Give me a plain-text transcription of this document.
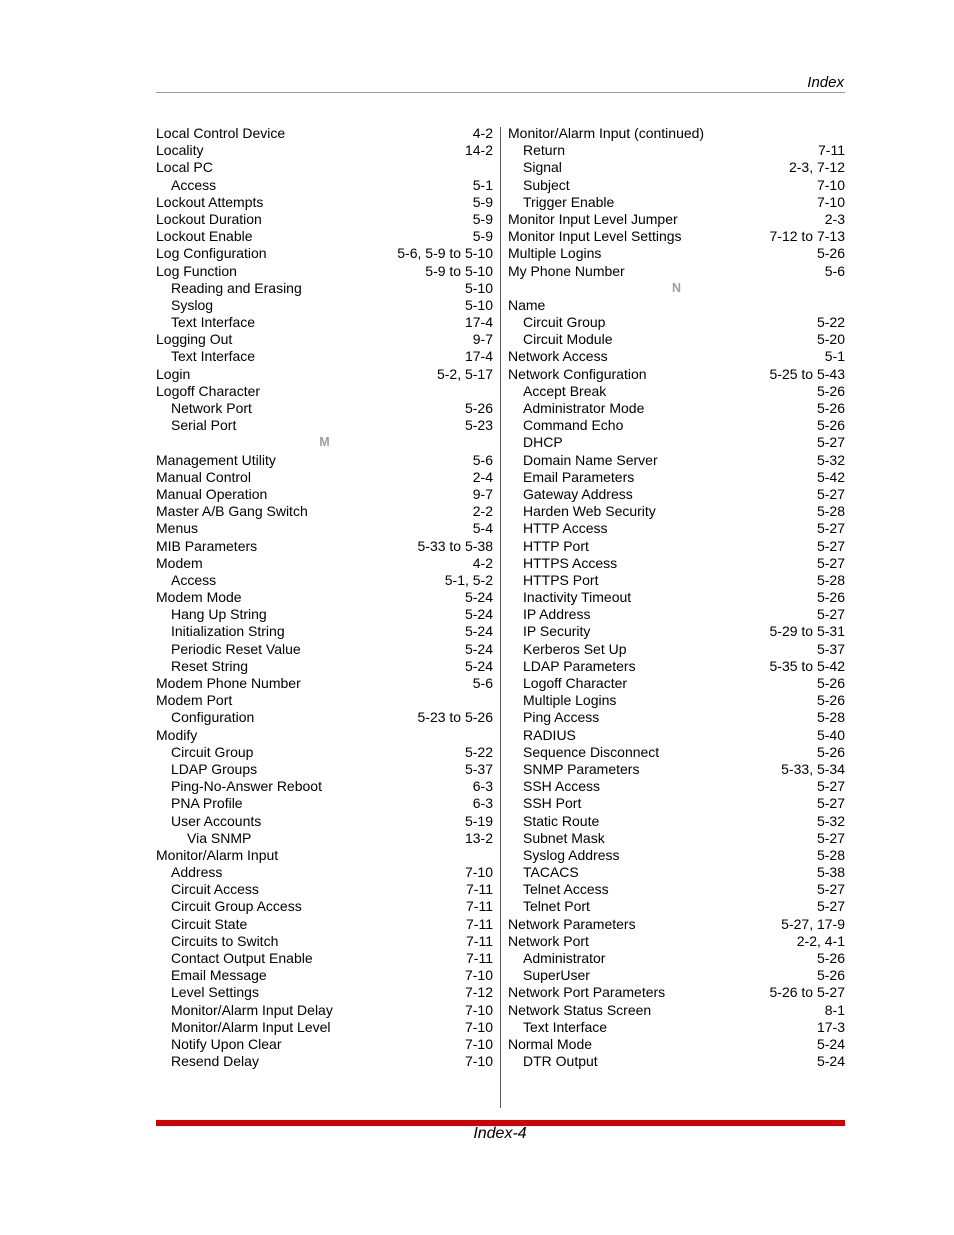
Index
Local Control Device	4-2
Locality	14-2
Local PC
Access	5-1
Lockout Attempts	5-9
Lockout Duration	5-9
Lockout Enable	5-9
Log Configuration	5-6, 5-9 to 5-10
Log Function	5-9 to 5-10
Reading and Erasing	5-10
Syslog	5-10
Text Interface	17-4
Logging Out	9-7
Text Interface	17-4
Login	5-2, 5-17
Logoff Character
Network Port	5-26
Serial Port	5-23
M
Management Utility	5-6
Manual Control	2-4
Manual Operation	9-7
Master A/B Gang Switch	2-2
Menus	5-4
MIB Parameters	5-33 to 5-38
Modem	4-2
Access	5-1, 5-2
Modem Mode	5-24
Hang Up String	5-24
Initialization String	5-24
Periodic Reset Value	5-24
Reset String	5-24
Modem Phone Number	5-6
Modem Port
Configuration	5-23 to 5-26
Modify
Circuit Group	5-22
LDAP Groups	5-37
Ping-No-Answer Reboot	6-3
PNA Profile	6-3
User Accounts	5-19
Via SNMP	13-2
Monitor/Alarm Input
Address	7-10
Circuit Access	7-11
Circuit Group Access	7-11
Circuit State	7-11
Circuits to Switch	7-11
Contact Output Enable	7-11
Email Message	7-10
Level Settings	7-12
Monitor/Alarm Input Delay	7-10
Monitor/Alarm Input Level	7-10
Notify Upon Clear	7-10
Resend Delay	7-10
Monitor/Alarm Input (continued)
Return	7-11
Signal	2-3, 7-12
Subject	7-10
Trigger Enable	7-10
Monitor Input Level Jumper	2-3
Monitor Input Level Settings	7-12 to 7-13
Multiple Logins	5-26
My Phone Number	5-6
N
Name
Circuit Group	5-22
Circuit Module	5-20
Network Access	5-1
Network Configuration	5-25 to 5-43
Accept Break	5-26
Administrator Mode	5-26
Command Echo	5-26
DHCP	5-27
Domain Name Server	5-32
Email Parameters	5-42
Gateway Address	5-27
Harden Web Security	5-28
HTTP Access	5-27
HTTP Port	5-27
HTTPS Access	5-27
HTTPS Port	5-28
Inactivity Timeout	5-26
IP Address	5-27
IP Security	5-29 to 5-31
Kerberos Set Up	5-37
LDAP Parameters	5-35 to 5-42
Logoff Character	5-26
Multiple Logins	5-26
Ping Access	5-28
RADIUS	5-40
Sequence Disconnect	5-26
SNMP Parameters	5-33, 5-34
SSH Access	5-27
SSH Port	5-27
Static Route	5-32
Subnet Mask	5-27
Syslog Address	5-28
TACACS	5-38
Telnet Access	5-27
Telnet Port	5-27
Network Parameters	5-27, 17-9
Network Port	2-2, 4-1
Administrator	5-26
SuperUser	5-26
Network Port Parameters	5-26 to 5-27
Network Status Screen	8-1
Text Interface	17-3
Normal Mode	5-24
DTR Output	5-24
Index-4
